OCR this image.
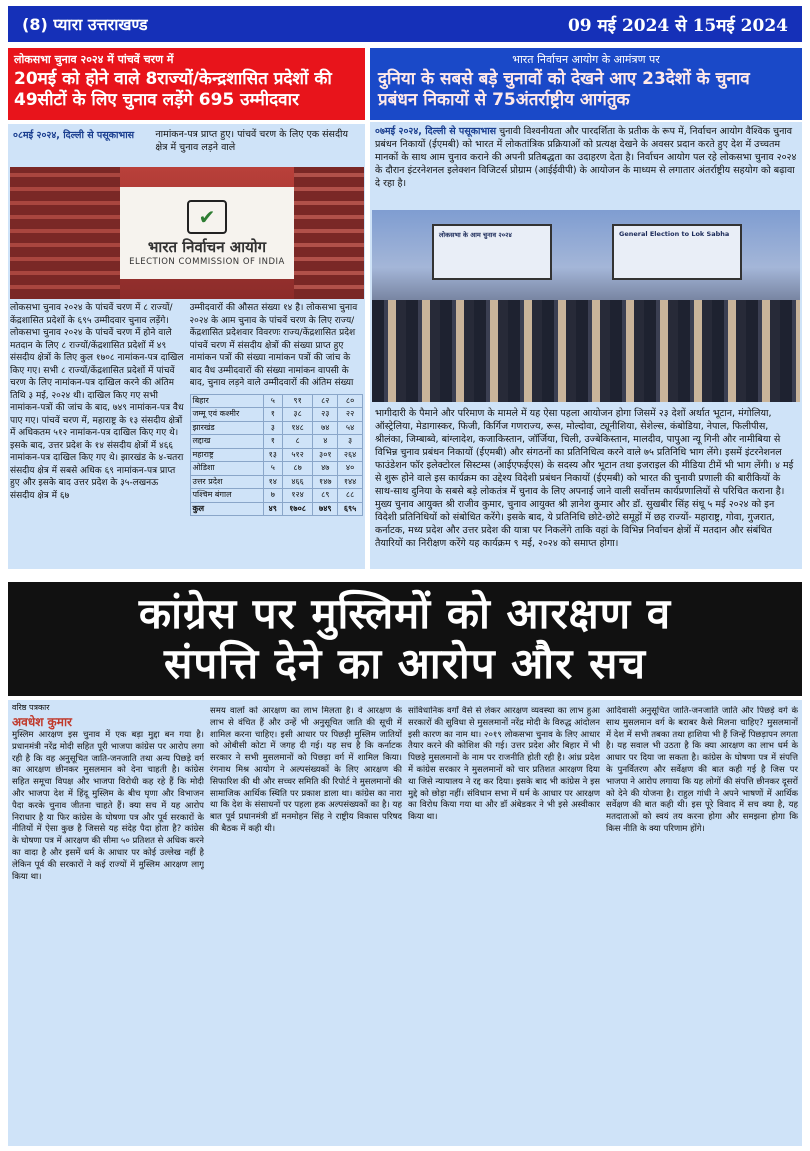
(8) प्यारा उत्तराखण्ड	09 मई 2024 से 15मई 2024
लोकसभा चुनाव २०२४ में पांचवें चरण में
20मई को होने वाले 8राज्यों/केन्द्रशासित प्रदेशों की 49सीटों के लिए चुनाव लड़ेंगे 695 उम्मीदवार
भारत निर्वाचन आयोग के आमंत्रण पर
दुनिया के सबसे बड़े चुनावों को देखने आए 23देशों के चुनाव प्रबंधन निकायों से 75अंतर्राष्ट्रीय आगंतुक
०८मई २०२४, दिल्ली से पसूकाभास	नामांकन-पत्र प्राप्त हुए। पांचवें चरण के लिए एक संसदीय क्षेत्र में चुनाव लड़ने वाले
✔
भारत निर्वाचन आयोग
ELECTION COMMISSION OF INDIA
लोकसभा चुनाव २०२४ के पांचवें चरण में ८ राज्यों/केंद्रशासित प्रदेशों के ६९५ उम्मीदवार चुनाव लड़ेंगे। लोकसभा चुनाव २०२४ के पांचवें चरण में होने वाले मतदान के लिए ८ राज्यों/केंद्रशासित प्रदेशों में ४९ संसदीय क्षेत्रों के लिए कुल १७०८ नामांकन-पत्र दाखिल किए गए। सभी ८ राज्यों/केंद्रशासित प्रदेशों में पांचवें चरण के लिए नामांकन-पत्र दाखिल करने की अंतिम तिथि ३ मई, २०२४ थी। दाखिल किए गए सभी नामांकन-पत्रों की जांच के बाद, ७४९ नामांकन-पत्र वैध पाए गए। पांचवें चरण में, महाराष्ट्र के १३ संसदीय क्षेत्रों में अधिकतम ५१२ नामांकन-पत्र दाखिल किए गए थे। इसके बाद, उत्तर प्रदेश के १४ संसदीय क्षेत्रों में ४६६ नामांकन-पत्र दाखिल किए गए थे। झारखंड के ४-चतरा संसदीय क्षेत्र में सबसे अधिक ६९ नामांकन-पत्र प्राप्त हुए और इसके बाद उत्तर प्रदेश के ३५-लखनऊ संसदीय क्षेत्र में ६७
उम्मीदवारों की औसत संख्या १४ है। लोकसभा चुनाव २०२४ के आम चुनाव के पांचवें चरण के लिए राज्य/केंद्रशासित प्रदेशवार विवरणः राज्य/केंद्रशासित प्रदेश पांचवें चरण में संसदीय क्षेत्रों की संख्या प्राप्त हुए नामांकन पत्रों की संख्या नामांकन पत्रों की जांच के बाद वैध उम्मीदवारों की संख्या नामांकन वापसी के बाद, चुनाव लड़ने वाले उम्मीदवारों की अंतिम संख्या
बिहार	५	९१	८२	८०
जम्मू एवं कश्मीर	१	३८	२३	२२
झारखंड	३	१४८	७४	५४
लद्दाख	१	८	४	३
महाराष्ट्र	१३	५१२	३०१	२६४
ओडिशा	५	८७	४७	४०
उत्तर प्रदेश	१४	४६६	१४७	१४४
पश्चिम बंगाल	७	१२४	८९	८८
कुल	४९	१७०८	७४९	६९५
०७मई २०२४, दिल्ली से पसूकाभास चुनावी विश्वनीयता और पारदर्शिता के प्रतीक के रूप में, निर्वाचन आयोग वैश्विक चुनाव प्रबंधन निकायों (ईएमबी) को भारत में लोकतांत्रिक प्रक्रियाओं को प्रत्यक्ष देखने के अवसर प्रदान करते हुए देश में उच्चतम मानकों के साथ आम चुनाव कराने की अपनी प्रतिबद्धता का उदाहरण देता है। निर्वाचन आयोग पल रहे लोकसभा चुनाव २०२४ के दौरान इंटरनेशनल इलेक्शन विजिटर्स प्रोग्राम (आईईवीपी) के आयोजन के माध्यम से लगातार अंतर्राष्ट्रीय सहयोग को बढ़ावा दे रहा है।
भागीदारी के पैमाने और परिमाण के मामले में यह ऐसा पहला आयोजन होगा जिसमें २३ देशों अर्थात भूटान, मंगोलिया, ऑस्ट्रेलिया, मेडागास्कर, फिजी, किर्गिज गणराज्य, रूस, मोल्दोवा, ट्यूनीशिया, सेशेल्स, कंबोडिया, नेपाल, फिलीपीस, श्रीलंका, जिम्बाब्वे, बांग्लादेश, कजाकिस्तान, जॉर्जिया, चिली, उज्बेकिस्तान, मालदीव, पापुआ न्यू गिनी और नामीबिया से विभिन्न चुनाव प्रबंधन निकायों (ईएमबी) और संगठनों का प्रतिनिधित्व करने वाले ७५ प्रतिनिधि भाग लेंगे। इसमें इंटरनेशनल फाउंडेशन फॉर इलेक्टोरल सिस्टम्स (आईएफईएस) के सदस्य और भूटान तथा इजराइल की मीडिया टीमें भी भाग लेंगी। ४ मई से शुरू होने वाले इस कार्यक्रम का उद्देश्य विदेशी प्रबंधन निकायों (ईएमबी) को भारत की चुनावी प्रणाली की बारीकियों के साथ-साथ दुनिया के सबसे बड़े लोकतंत्र में चुनाव के लिए अपनाई जाने वाली सर्वोत्तम कार्यप्रणालियों से परिचित कराना है। मुख्य चुनाव आयुक्त श्री राजीव कुमार, चुनाव आयुक्त श्री ज्ञानेश कुमार और डॉ. सुखबीर सिंह संधू ५ मई २०२४ को इन विदेशी प्रतिनिधियों को संबोधित करेंगे। इसके बाद, ये प्रतिनिधि छोटे-छोटे समूहों में छह राज्यों- महाराष्ट्र, गोवा, गुजरात, कर्नाटक, मध्य प्रदेश और उत्तर प्रदेश की यात्रा पर निकलेंगे ताकि वहां के विभिन्न निर्वाचन क्षेत्रों में मतदान और संबंधित तैयारियों का निरीक्षण करेंगे यह कार्यक्रम ९ मई, २०२४ को समाप्त होगा।
लोकसभा के आम चुनाव २०२४	General Election to Lok Sabha
कांग्रेस पर मुस्लिमों को आरक्षण व
संपत्ति देने का आरोप और सच
मुस्लिम आरक्षण इस चुनाव में एक बड़ा मुद्दा बन गया है। प्रधानमंत्री नरेंद्र मोदी सहित पूरी भाजपा कांग्रेस पर आरोप लगा रही है कि वह अनुसूचित जाति-जनजाति तथा अन्य पिछड़े वर्ग का आरक्षण छीनकर मुसलमान को देना चाहती है। कांग्रेस सहित समूचा विपक्ष और भाजपा विरोधी कह रहे हैं कि मोदी और भाजपा देश में हिंदू मुस्लिम के बीच घृणा और विभाजन पैदा करके चुनाव जीतना चाहते हैं। क्या सच में यह आरोप निराधार है या फिर कांग्रेस के घोषणा पत्र और पूर्व सरकारों के नीतियों में ऐसा कुछ है जिससे यह संदेह पैदा होता है? कांग्रेस के घोषणा पत्र में आरक्षण की सीमा ५० प्रतिशत से अधिक करने का वादा है और इसमें धर्म के आधार पर कोई उल्लेख नहीं है लेकिन पूर्व की सरकारों ने कई राज्यों में मुस्लिम आरक्षण लागू किया था।
समय वालों को आरक्षण का लाभ मिलता है। वे आरक्षण के लाभ से वंचित हैं और उन्हें भी अनुसूचित जाति की सूची में शामिल करना चाहिए। इसी आधार पर पिछड़ी मुस्लिम जातियों को ओबीसी कोटा में जगह दी गई। यह सच है कि कर्नाटक सरकार ने सभी मुसलमानों को पिछड़ा वर्ग में शामिल किया। रंगनाथ मिश्र आयोग ने अल्पसंख्यकों के लिए आरक्षण की सिफारिश की थी और सच्चर समिति की रिपोर्ट ने मुसलमानों की सामाजिक आर्थिक स्थिति पर प्रकाश डाला था। कांग्रेस का नारा था कि देश के संसाधनों पर पहला हक अल्पसंख्यकों का है। यह बात पूर्व प्रधानमंत्री डॉ मनमोहन सिंह ने राष्ट्रीय विकास परिषद की बैठक में कही थी।
सांविधानिक वर्गों वैसे से लेकर आरक्षण व्यवस्था का लाभ हुआ सरकारों की सुविधा से मुसलमानों नरेंद्र मोदी के विरुद्ध आंदोलन इसी कारण का नाम था। २०१९ लोकसभा चुनाव के लिए आधार तैयार करने की कोशिश की गई। उत्तर प्रदेश और बिहार में भी पिछड़े मुसलमानों के नाम पर राजनीति होती रही है। आंध्र प्रदेश में कांग्रेस सरकार ने मुसलमानों को चार प्रतिशत आरक्षण दिया था जिसे न्यायालय ने रद्द कर दिया। इसके बाद भी कांग्रेस ने इस मुद्दे को छोड़ा नहीं। संविधान सभा में धर्म के आधार पर आरक्षण का विरोध किया गया था और डॉ अंबेडकर ने भी इसे अस्वीकार किया था।
आदिवासी अनुसूचित जाति-जनजाति जाति और पिछड़े वर्ग के साथ मुसलमान वर्ग के बराबर कैसे मिलना चाहिए? मुसलमानों में देश में सभी तबका तथा हाशिया भी हैं जिन्हें पिछड़ापन लगता है। यह सवाल भी उठता है कि क्या आरक्षण का लाभ धर्म के आधार पर दिया जा सकता है। कांग्रेस के घोषणा पत्र में संपत्ति के पुनर्वितरण और सर्वेक्षण की बात कही गई है जिस पर भाजपा ने आरोप लगाया कि यह लोगों की संपत्ति छीनकर दूसरों को देने की योजना है। राहुल गांधी ने अपने भाषणों में आर्थिक सर्वेक्षण की बात कही थी। इस पूरे विवाद में सच क्या है, यह मतदाताओं को स्वयं तय करना होगा और समझना होगा कि किस नीति के क्या परिणाम होंगे।
वरिष्ठ पत्रकार
अवधेश कुमार
